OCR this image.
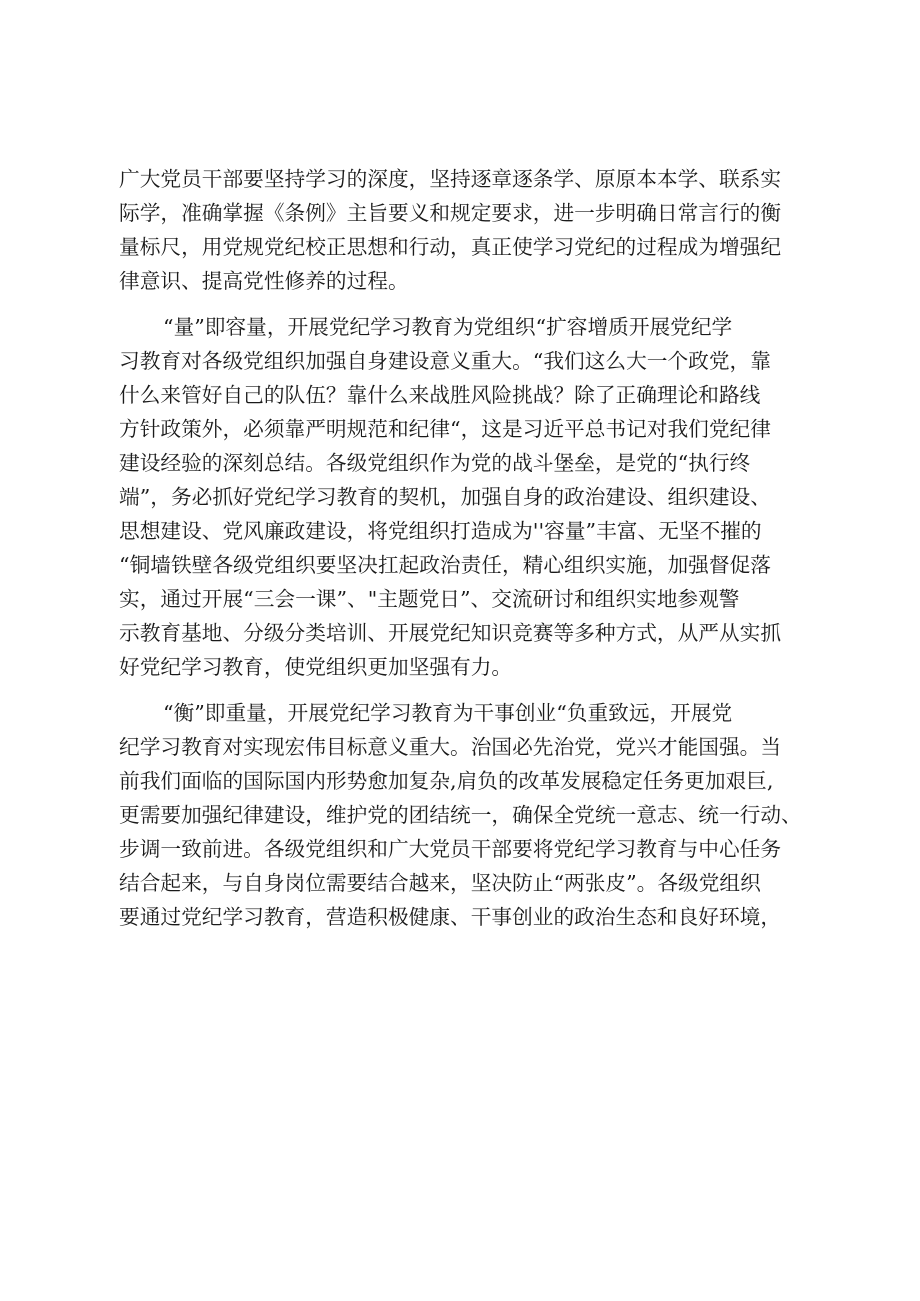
广大党员干部要坚持学习的深度，坚持逐章逐条学、原原本本学、联系实
际学，准确掌握《条例》主旨要义和规定要求，进一步明确日常言行的衡
量标尺，用党规党纪校正思想和行动，真正使学习党纪的过程成为增强纪
律意识、提高党性修养的过程。
“量”即容量，开展党纪学习教育为党组织“扩容增质开展党纪学
习教育对各级党组织加强自身建设意义重大。“我们这么大一个政党，靠
什么来管好自己的队伍？靠什么来战胜风险挑战？除了正确理论和路线
方针政策外，必须靠严明规范和纪律“，这是习近平总书记对我们党纪律
建设经验的深刻总结。各级党组织作为党的战斗堡垒，是党的“执行终
端”，务必抓好党纪学习教育的契机，加强自身的政治建设、组织建设、
思想建设、党风廉政建设，将党组织打造成为''容量”丰富、无坚不摧的
“铜墙铁壁各级党组织要坚决扛起政治责任，精心组织实施，加强督促落
实，通过开展“三会一课”、"主题党日”、交流研讨和组织实地参观警
示教育基地、分级分类培训、开展党纪知识竞赛等多种方式，从严从实抓
好党纪学习教育，使党组织更加坚强有力。
“衡”即重量，开展党纪学习教育为干事创业“负重致远，开展党
纪学习教育对实现宏伟目标意义重大。治国必先治党，党兴才能国强。当
前我们面临的国际国内形势愈加复杂,肩负的改革发展稳定任务更加艰巨,
更需要加强纪律建设，维护党的团结统一，确保全党统一意志、统一行动、
步调一致前进。各级党组织和广大党员干部要将党纪学习教育与中心任务
结合起来，与自身岗位需要结合越来，坚决防止“两张皮”。各级党组织
要通过党纪学习教育，营造积极健康、干事创业的政治生态和良好环境，
